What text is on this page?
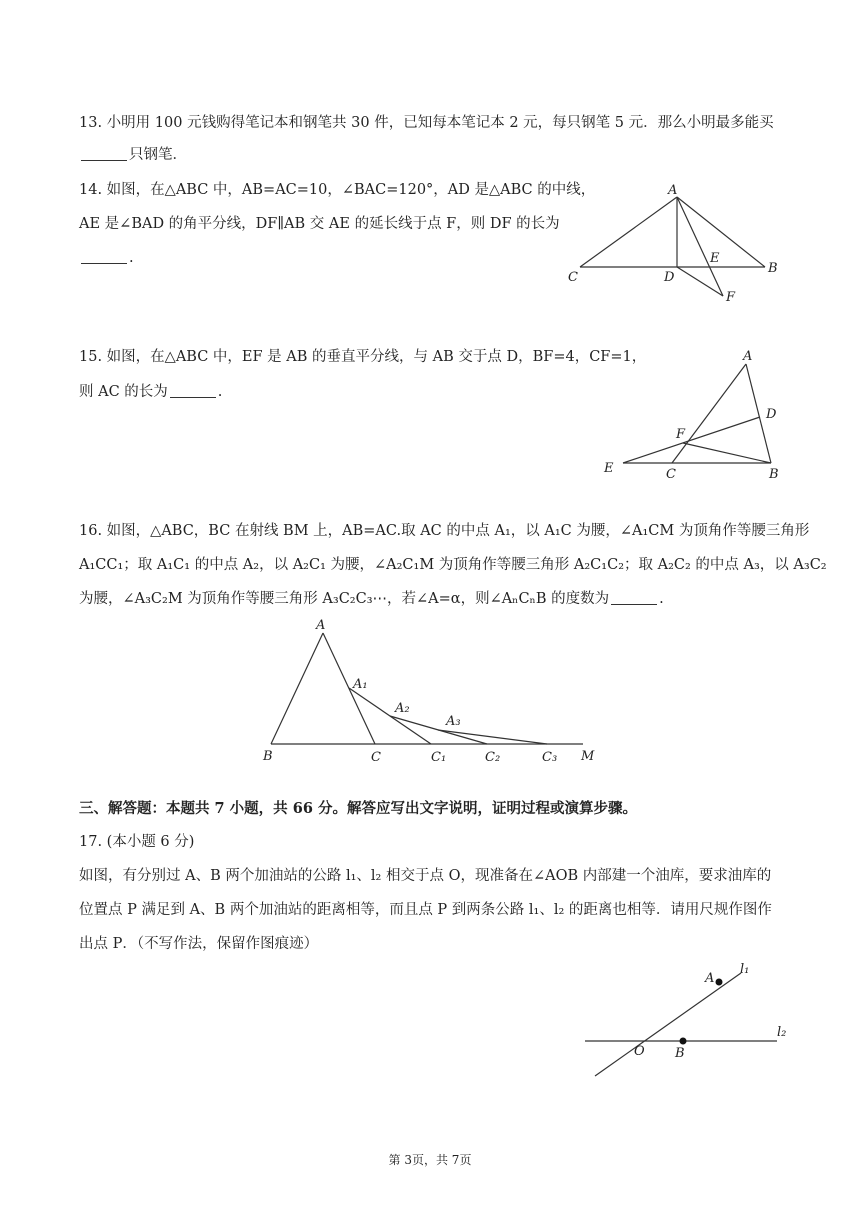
13. 小明用 100 元钱购得笔记本和钢笔共 30 件，已知每本笔记本 2 元，每只钢笔 5 元．那么小明最多能买
只钢笔．
14. 如图，在△ABC 中，AB=AC=10，∠BAC=120°，AD 是△ABC 的中线，
AE 是∠BAD 的角平分线，DF∥AB 交 AE 的延长线于点 F，则 DF 的长为
.
A
B
C	D
E
F
15. 如图，在△ABC 中，EF 是 AB 的垂直平分线，与 AB 交于点 D，BF=4，CF=1，
则 AC 的长为	.
A
D
F
E	C	B
16. 如图，△ABC，BC 在射线 BM 上，AB=AC.取 AC 的中点 A₁，以 A₁C 为腰，∠A₁CM 为顶角作等腰三角形
A₁CC₁；取 A₁C₁ 的中点 A₂，以 A₂C₁ 为腰，∠A₂C₁M 为顶角作等腰三角形 A₂C₁C₂；取 A₂C₂ 的中点 A₃，以 A₃C₂
为腰，∠A₃C₂M 为顶角作等腰三角形 A₃C₂C₃⋯，若∠A=α，则∠AₙCₙB 的度数为	.
A
A₁
A₂
A₃
B	C	C₁	C₂	C₃ M
三、解答题：本题共 7 小题，共 66 分。解答应写出文字说明，证明过程或演算步骤。
17. (本小题 6 分)
如图，有分别过 A、B 两个加油站的公路 l₁、l₂ 相交于点 O，现准备在∠AOB 内部建一个油库，要求油库的
位置点 P 满足到 A、B 两个加油站的距离相等，而且点 P 到两条公路 l₁、l₂ 的距离也相等．请用尺规作图作
出点 P．（不写作法，保留作图痕迹）
A
B
O
l₁
l₂
第 3页，共 7页
